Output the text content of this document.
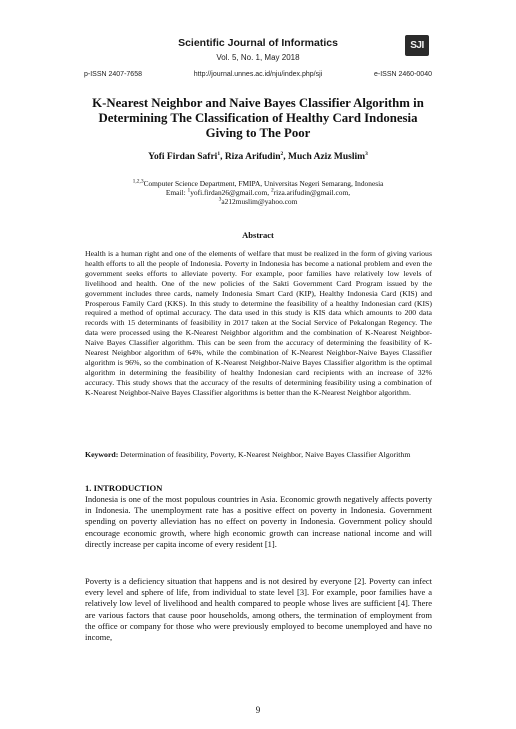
Scientific Journal of Informatics
Vol. 5, No. 1, May 2018
SJI
p-ISSN 2407-7658	http://journal.unnes.ac.id/nju/index.php/sji	e-ISSN 2460-0040
K-Nearest Neighbor and Naive Bayes Classifier Algorithm in Determining The Classification of Healthy Card Indonesia Giving to The Poor
Yofi Firdan Safri$^1$, Riza Arifudin$^2$, Much Aziz Muslim$^3$
$^{1,2,3}$Computer Science Department, FMIPA, Universitas Negeri Semarang, Indonesia
Email: $^1$yofi.firdan26@gmail.com, $^2$riza.arifudin@gmail.com,
$^3$a212muslim@yahoo.com
Abstract
Health is a human right and one of the elements of welfare that must be realized in the form of giving various health efforts to all the people of Indonesia. Poverty in Indonesia has become a national problem and even the government seeks efforts to alleviate poverty. For example, poor families have relatively low levels of livelihood and health. One of the new policies of the Sakti Government Card Program issued by the government includes three cards, namely Indonesia Smart Card (KIP), Healthy Indonesia Card (KIS) and Prosperous Family Card (KKS). In this study to determine the feasibility of a healthy Indonesian card (KIS) required a method of optimal accuracy. The data used in this study is KIS data which amounts to 200 data records with 15 determinants of feasibility in 2017 taken at the Social Service of Pekalongan Regency. The data were processed using the K-Nearest Neighbor algorithm and the combination of K-Nearest Neighbor-Naive Bayes Classifier algorithm. This can be seen from the accuracy of determining the feasibility of K-Nearest Neighbor algorithm of 64%, while the combination of K-Nearest Neighbor-Naive Bayes Classifier algorithm is 96%, so the combination of K-Nearest Neighbor-Naive Bayes Classifier algorithm is the optimal algorithm in determining the feasibility of healthy Indonesian card recipients with an increase of 32% accuracy. This study shows that the accuracy of the results of determining feasibility using a combination of K-Nearest Neighbor-Naive Bayes Classifier algorithms is better than the K-Nearest Neighbor algorithm.
Keyword: Determination of feasibility, Poverty, K-Nearest Neighbor, Naive Bayes Classifier Algorithm
1. INTRODUCTION
Indonesia is one of the most populous countries in Asia. Economic growth negatively affects poverty in Indonesia. The unemployment rate has a positive effect on poverty in Indonesia. Government spending on poverty alleviation has no effect on poverty in Indonesia. Government policy should encourage economic growth, where high economic growth can increase national income and will directly increase per capita income of every resident [1].
Poverty is a deficiency situation that happens and is not desired by everyone [2]. Poverty can infect every level and sphere of life, from individual to state level [3]. For example, poor families have a relatively low level of livelihood and health compared to people whose lives are sufficient [4]. There are various factors that cause poor households, among others, the termination of employment from the office or company for those who were previously employed to become unemployed and have no income,
9
